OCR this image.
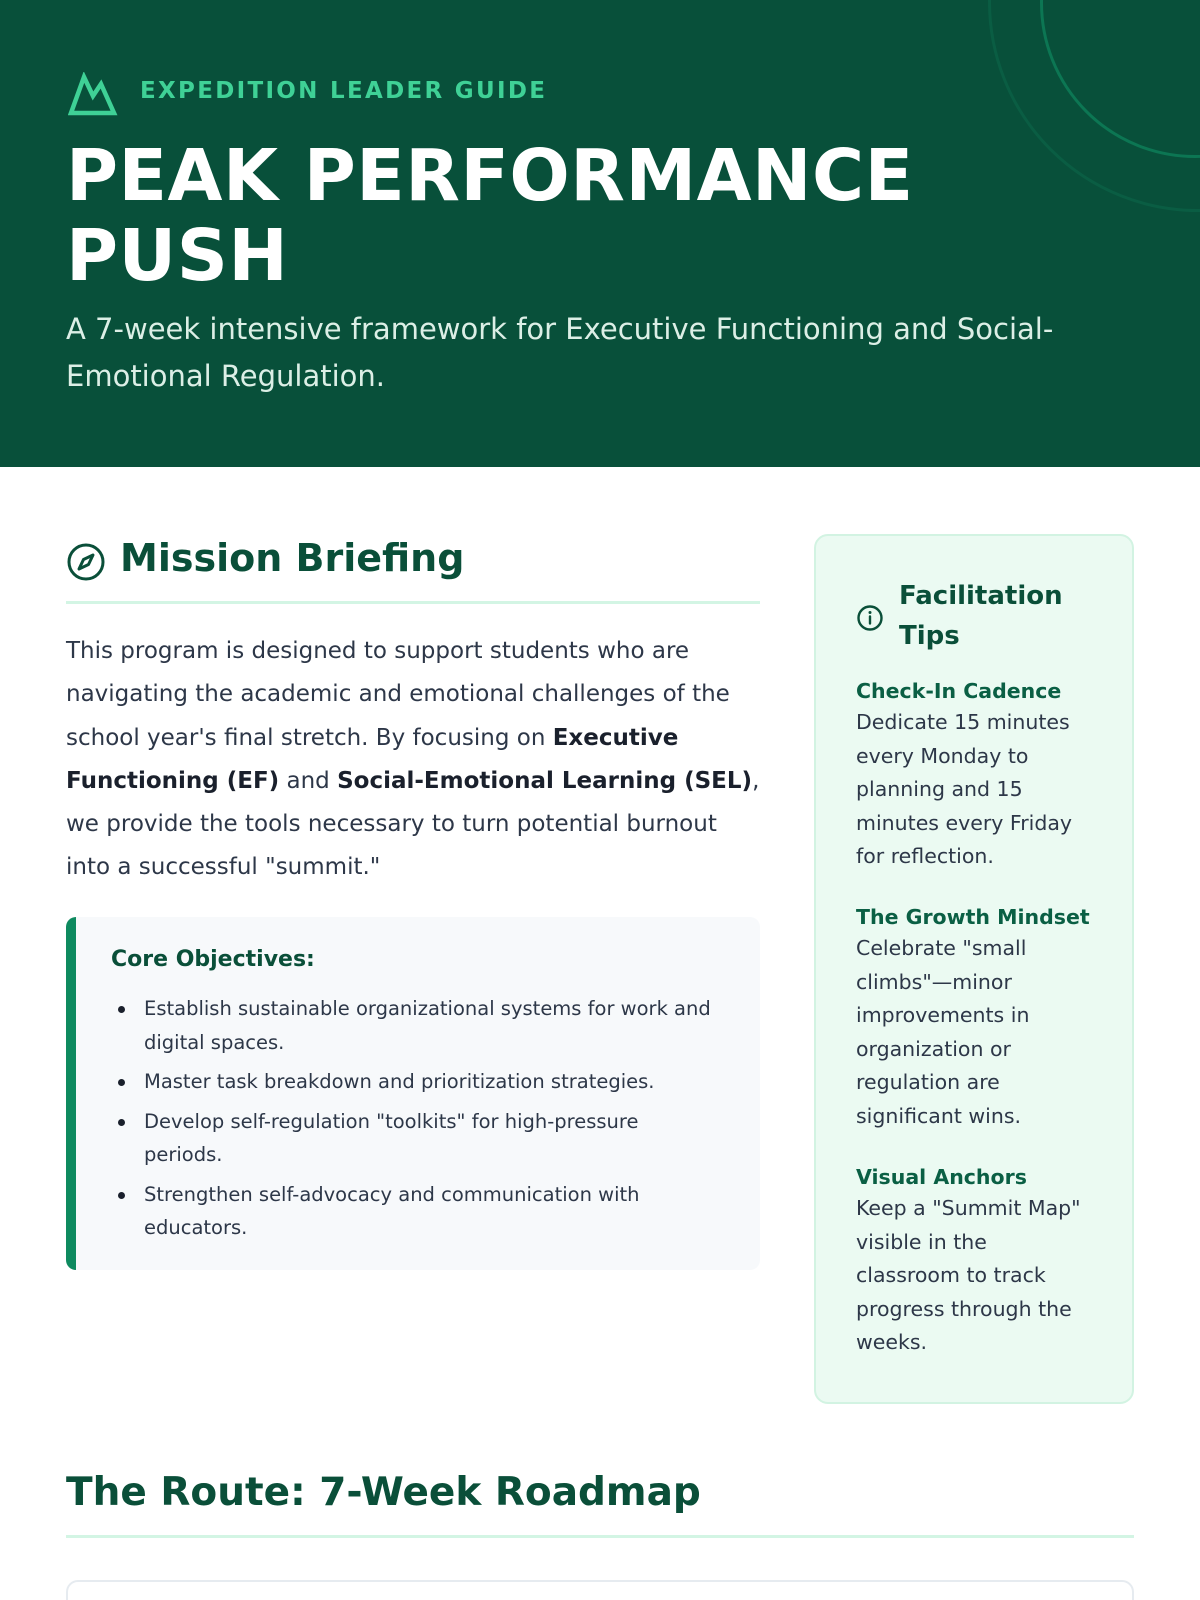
EXPEDITION LEADER GUIDE
PEAK PERFORMANCE
PUSH

A 7-week intensive framework for Executive Functioning and Social-Emotional Regulation.

Mission Briefing

This program is designed to support students who are navigating the academic and emotional challenges of the school year's final stretch. By focusing on Executive Functioning (EF) and Social-Emotional Learning (SEL), we provide the tools necessary to turn potential burnout into a successful "summit."

Core Objectives:
Establish sustainable organizational systems for work and digital spaces.
Master task breakdown and prioritization strategies.
Develop self-regulation "toolkits" for high-pressure periods.
Strengthen self-advocacy and communication with educators.
Facilitation Tips
Check-In Cadence
Dedicate 15 minutes every Monday to planning and 15 minutes every Friday for reflection.
The Growth Mindset
Celebrate "small climbs"—minor improvements in organization or regulation are significant wins.
Visual Anchors
Keep a "Summit Map" visible in the classroom to track progress through the weeks.
The Route: 7-Week Roadmap
